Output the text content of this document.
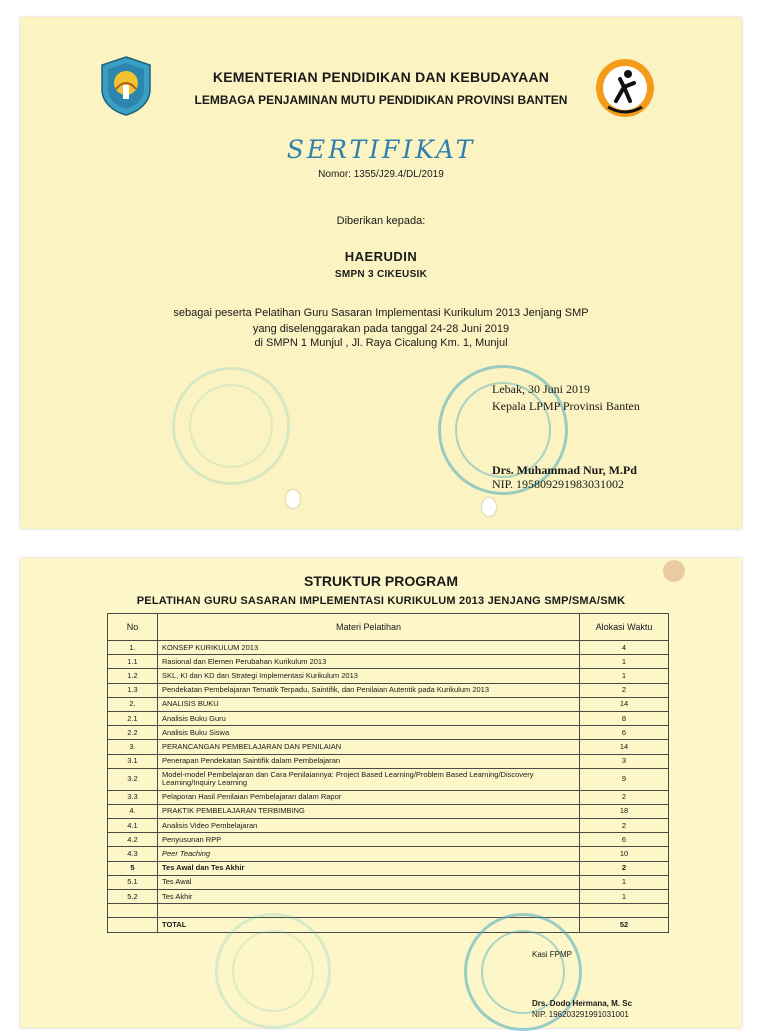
KEMENTERIAN PENDIDIKAN DAN KEBUDAYAAN
LEMBAGA PENJAMINAN MUTU PENDIDIKAN PROVINSI BANTEN
SERTIFIKAT
Nomor: 1355/J29.4/DL/2019
Diberikan kepada:
HAERUDIN
SMPN 3 CIKEUSIK
sebagai peserta Pelatihan Guru Sasaran Implementasi Kurikulum 2013 Jenjang SMP
yang diselenggarakan pada tanggal 24-28 Juni 2019
di SMPN 1 Munjul , Jl. Raya Cicalung Km. 1, Munjul
Lebak, 30 Juni 2019
Kepala LPMP Provinsi Banten
Drs. Muhammad Nur, M.Pd
NIP. 195809291983031002
STRUKTUR PROGRAM
PELATIHAN GURU SASARAN IMPLEMENTASI KURIKULUM 2013 JENJANG SMP/SMA/SMK
No	Materi Pelatihan	Alokasi Waktu
1.	KONSEP KURIKULUM 2013	4
1.1	Rasional dan Elemen Perubahan Kurikulum 2013	1
1.2	SKL, KI dan KD dan Strategi Implementasi Kurikulum 2013	1
1.3	Pendekatan Pembelajaran Tematik Terpadu, Saintifik, dan Penilaian Autentik pada Kurikulum 2013	2
2.	ANALISIS BUKU	14
2.1	Analisis Buku Guru	8
2.2	Analisis Buku Siswa	6
3.	PERANCANGAN PEMBELAJARAN DAN PENILAIAN	14
3.1	Penerapan Pendekatan Saintifik dalam Pembelajaran	3
3.2	Model-model Pembelajaran dan Cara Penilaiannya: Project Based Learning/Problem Based Learning/Discovery Learning/Inquiry Learning	9
3.3	Pelaporan Hasil Penilaian Pembelajaran dalam Rapor	2
4.	PRAKTIK PEMBELAJARAN TERBIMBING	18
4.1	Analisis Video Pembelajaran	2
4.2	Penyusunan RPP	6
4.3	Peer Teaching	10
5	Tes Awal dan Tes Akhir	2
5.1	Tes Awal	1
5.2	Tes Akhir	1

	TOTAL	52
Kasi FPMP
Drs. Dodo Hermana, M. Sc
NIP. 196203291991031001
